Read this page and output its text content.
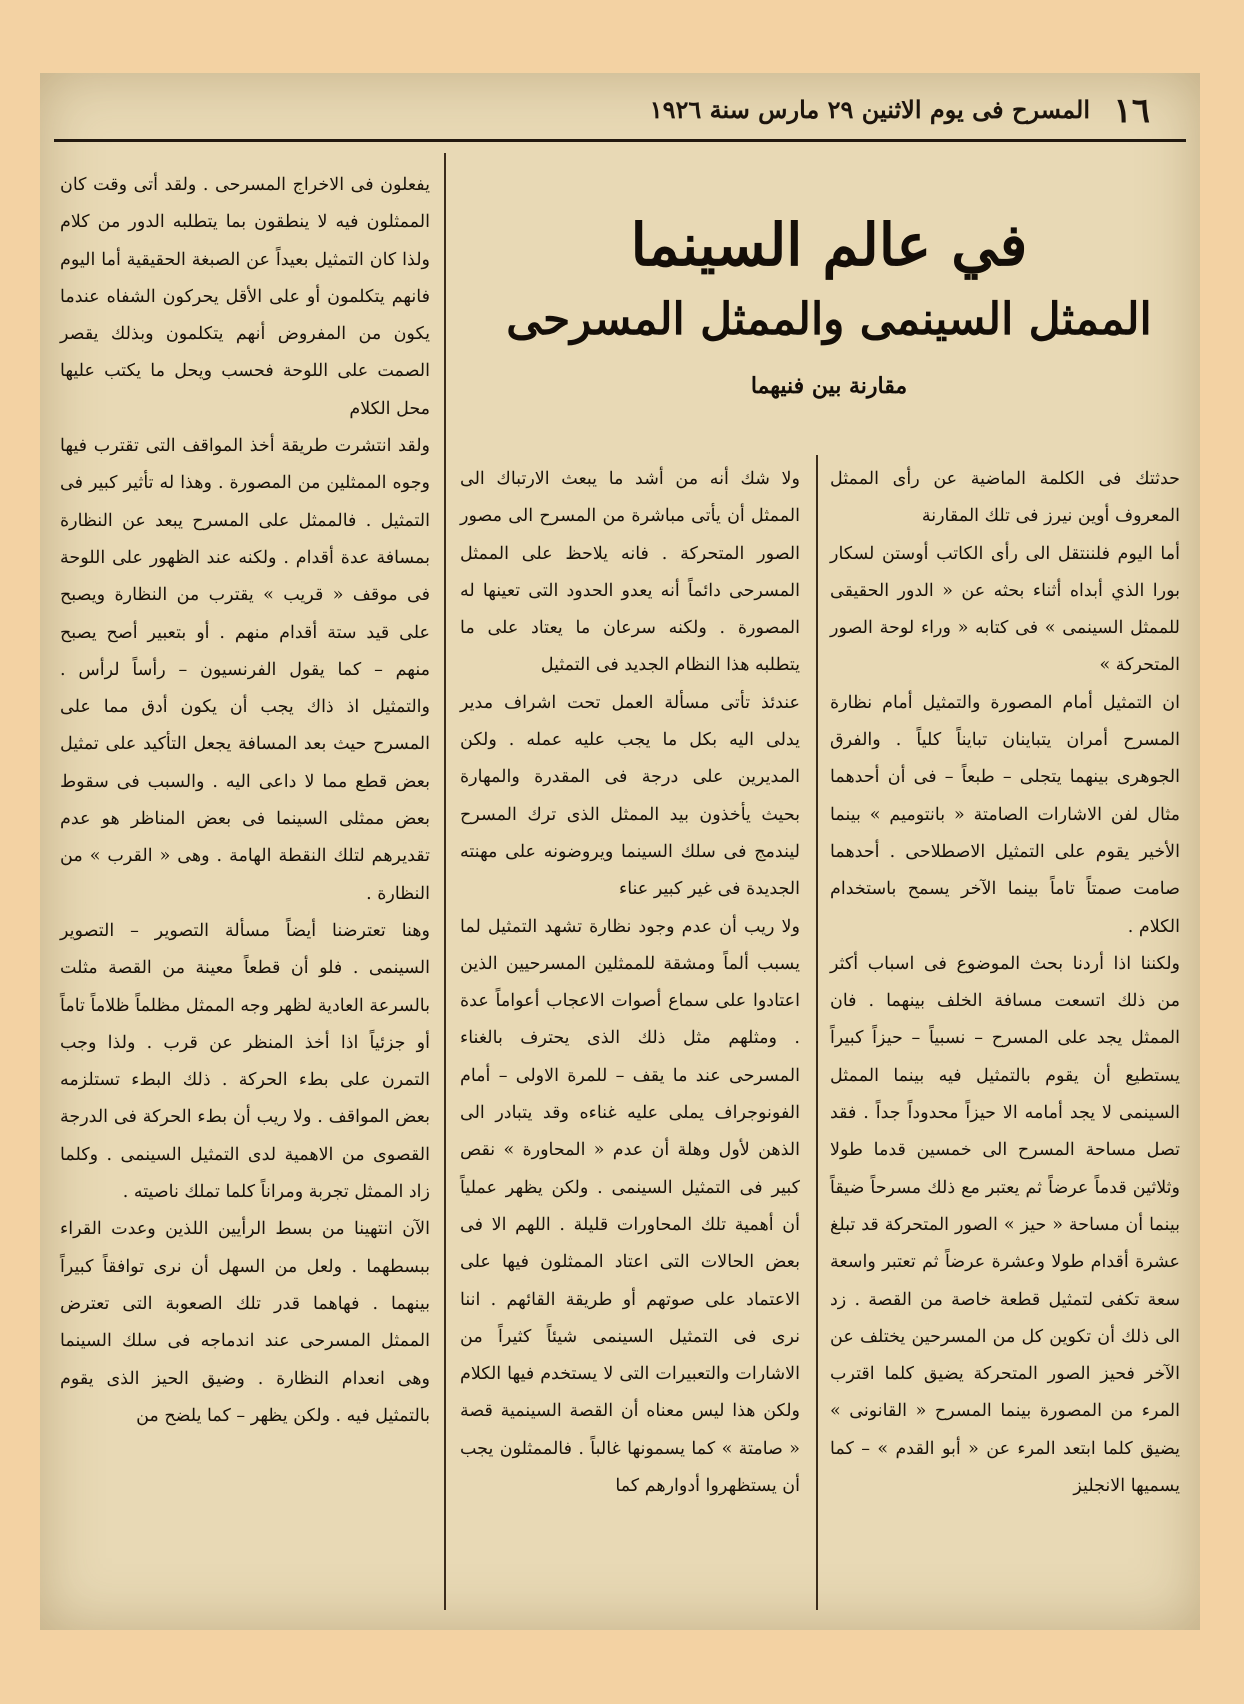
١٦
المسرح فى يوم الاثنين ٢٩ مارس سنة ١٩٢٦
في عالم السينما
الممثل السينمى والممثل المسرحى
مقارنة بين فنيهما

حدثتك فى الكلمة الماضية عن رأى الممثل المعروف أوين نيرز فى تلك المقارنة

أما اليوم فلننتقل الى رأى الكاتب أوستن لسكار بورا الذي أبداه أثناء بحثه عن « الدور الحقيقى للممثل السينمى » فى كتابه « وراء لوحة الصور المتحركة »

ان التمثيل أمام المصورة والتمثيل أمام نظارة المسرح أمران يتباينان تبايناً كلياً . والفرق الجوهرى بينهما يتجلى – طبعاً – فى أن أحدهما مثال لفن الاشارات الصامتة « بانتوميم » بينما الأخير يقوم على التمثيل الاصطلاحى . أحدهما صامت صمتاً تاماً بينما الآخر يسمح باستخدام الكلام .

ولكننا اذا أردنا بحث الموضوع فى اسباب أكثر من ذلك اتسعت مسافة الخلف بينهما . فان الممثل يجد على المسرح – نسبياً – حيزاً كبيراً يستطيع أن يقوم بالتمثيل فيه بينما الممثل السينمى لا يجد أمامه الا حيزاً محدوداً جداً . فقد تصل مساحة المسرح الى خمسين قدما طولا وثلاثين قدماً عرضاً ثم يعتبر مع ذلك مسرحاً ضيقاً بينما أن مساحة « حيز » الصور المتحركة قد تبلغ عشرة أقدام طولا وعشرة عرضاً ثم تعتبر واسعة سعة تكفى لتمثيل قطعة خاصة من القصة . زد الى ذلك أن تكوين كل من المسرحين يختلف عن الآخر فحيز الصور المتحركة يضيق كلما اقترب المرء من المصورة بينما المسرح « القانونى » يضيق كلما ابتعد المرء عن « أبو القدم » – كما يسميها الانجليز

ولا شك أنه من أشد ما يبعث الارتباك الى الممثل أن يأتى مباشرة من المسرح الى مصور الصور المتحركة . فانه يلاحظ على الممثل المسرحى دائماً أنه يعدو الحدود التى تعينها له المصورة . ولكنه سرعان ما يعتاد على ما يتطلبه هذا النظام الجديد فى التمثيل

عندئذ تأتى مسألة العمل تحت اشراف مدير يدلى اليه بكل ما يجب عليه عمله . ولكن المديرين على درجة فى المقدرة والمهارة بحيث يأخذون بيد الممثل الذى ترك المسرح ليندمج فى سلك السينما ويروضونه على مهنته الجديدة فى غير كبير عناء

ولا ريب أن عدم وجود نظارة تشهد التمثيل لما يسبب ألماً ومشقة للممثلين المسرحيين الذين اعتادوا على سماع أصوات الاعجاب أعواماً عدة . ومثلهم مثل ذلك الذى يحترف بالغناء المسرحى عند ما يقف – للمرة الاولى – أمام الفونوجراف يملى عليه غناءه وقد يتبادر الى الذهن لأول وهلة أن عدم « المحاورة » نقص كبير فى التمثيل السينمى . ولكن يظهر عملياً أن أهمية تلك المحاورات قليلة . اللهم الا فى بعض الحالات التى اعتاد الممثلون فيها على الاعتماد على صوتهم أو طريقة القائهم . اننا نرى فى التمثيل السينمى شيئاً كثيراً من الاشارات والتعبيرات التى لا يستخدم فيها الكلام ولكن هذا ليس معناه أن القصة السينمية قصة « صامتة » كما يسمونها غالباً . فالممثلون يجب أن يستظهروا أدوارهم كما

يفعلون فى الاخراج المسرحى . ولقد أتى وقت كان الممثلون فيه لا ينطقون بما يتطلبه الدور من كلام ولذا كان التمثيل بعيداً عن الصبغة الحقيقية أما اليوم فانهم يتكلمون أو على الأقل يحركون الشفاه عندما يكون من المفروض أنهم يتكلمون وبذلك يقصر الصمت على اللوحة فحسب ويحل ما يكتب عليها محل الكلام

ولقد انتشرت طريقة أخذ المواقف التى تقترب فيها وجوه الممثلين من المصورة . وهذا له تأثير كبير فى التمثيل . فالممثل على المسرح يبعد عن النظارة بمسافة عدة أقدام . ولكنه عند الظهور على اللوحة فى موقف « قريب » يقترب من النظارة ويصبح على قيد ستة أقدام منهم . أو بتعبير أصح يصبح منهم – كما يقول الفرنسيون – رأساً لرأس . والتمثيل اذ ذاك يجب أن يكون أدق مما على المسرح حيث بعد المسافة يجعل التأكيد على تمثيل بعض قطع مما لا داعى اليه . والسبب فى سقوط بعض ممثلى السينما فى بعض المناظر هو عدم تقديرهم لتلك النقطة الهامة . وهى « القرب » من النظارة .

وهنا تعترضنا أيضاً مسألة التصوير – التصوير السينمى . فلو أن قطعاً معينة من القصة مثلت بالسرعة العادية لظهر وجه الممثل مظلماً ظلاماً تاماً أو جزئياً اذا أخذ المنظر عن قرب . ولذا وجب التمرن على بطء الحركة . ذلك البطء تستلزمه بعض المواقف . ولا ريب أن بطء الحركة فى الدرجة القصوى من الاهمية لدى التمثيل السينمى . وكلما زاد الممثل تجربة ومراناً كلما تملك ناصيته .

الآن انتهينا من بسط الرأيين اللذين وعدت القراء ببسطهما . ولعل من السهل أن نرى توافقاً كبيراً بينهما . فهاهما قدر تلك الصعوبة التى تعترض الممثل المسرحى عند اندماجه فى سلك السينما وهى انعدام النظارة . وضيق الحيز الذى يقوم بالتمثيل فيه . ولكن يظهر – كما يلضح من
